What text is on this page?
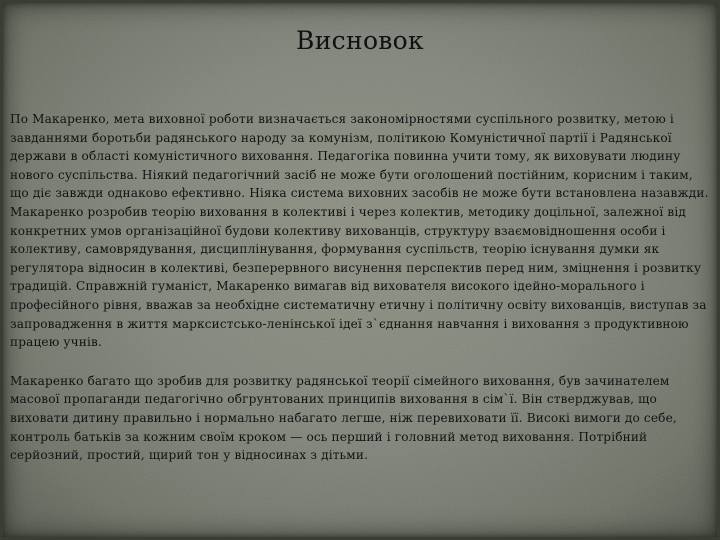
Висновок

По Макаренко, мета виховної роботи визначається закономірностями суспільного розвитку, метою і завданнями боротьби радянського народу за комунізм, політикою Комуністичної партії і Радянської держави в області комуністичного виховання. Педагогіка повинна учити тому, як виховувати людину нового суспільства. Ніякий педагогічний засіб не може бути оголошений постійним, корисним і таким, що діє завжди однаково ефективно. Ніяка система виховних засобів не може бути встановлена назавжди. Макаренко розробив теорію виховання в колективі і через колектив, методику доцільної, залежної від конкретних умов організаційної будови колективу вихованців, структуру взаємовідношення особи і колективу, самоврядування, дисциплінування, формування суспільств, теорію існування думки як регулятора відносин в колективі, безперервного висунення перспектив перед ним, зміцнення і розвитку традицій. Справжній гуманіст, Макаренко вимагав від вихователя високого ідейно-морального і професійного рівня, вважав за необхідне систематичну етичну і політичну освіту вихованців, виступав за запровадження в життя марксистсько-ленінської ідеї з`єднання навчання і виховання з продуктивною працею учнів.

Макаренко багато що зробив для розвитку радянської теорії сімейного виховання, був зачинателем масової пропаганди педагогічно обгрунтованих принципів виховання в сім`ї. Він стверджував, що виховати дитину правильно і нормально набагато легше, ніж перевиховати її. Високі вимоги до себе, контроль батьків за кожним своїм кроком — ось перший і головний метод виховання. Потрібний серйозний, простий, щирий тон у відносинах з дітьми.
